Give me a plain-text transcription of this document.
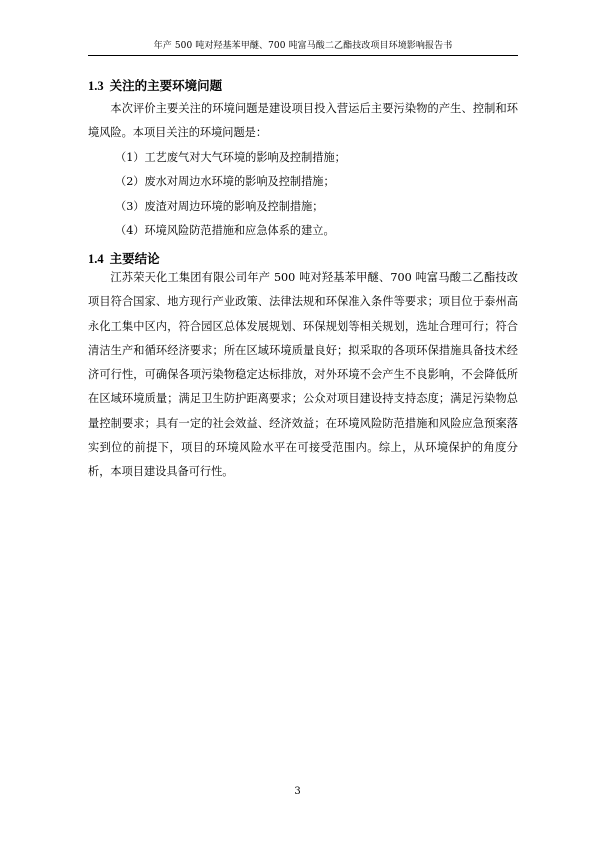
年产 500 吨对羟基苯甲醚、700 吨富马酸二乙酯技改项目环境影响报告书
1.3 关注的主要环境问题

本次评价主要关注的环境问题是建设项目投入营运后主要污染物的产生、控制和环境风险。本项目关注的环境问题是：

（1）工艺废气对大气环境的影响及控制措施；
（2）废水对周边水环境的影响及控制措施；
（3）废渣对周边环境的影响及控制措施；
（4）环境风险防范措施和应急体系的建立。
1.4 主要结论

江苏荣天化工集团有限公司年产 500 吨对羟基苯甲醚、700 吨富马酸二乙酯技改项目符合国家、地方现行产业政策、法律法规和环保准入条件等要求；项目位于泰州高永化工集中区内，符合园区总体发展规划、环保规划等相关规划，选址合理可行；符合清洁生产和循环经济要求；所在区域环境质量良好；拟采取的各项环保措施具备技术经济可行性，可确保各项污染物稳定达标排放，对外环境不会产生不良影响，不会降低所在区域环境质量；满足卫生防护距离要求；公众对项目建设持支持态度；满足污染物总量控制要求；具有一定的社会效益、经济效益；在环境风险防范措施和风险应急预案落实到位的前提下，项目的环境风险水平在可接受范围内。综上，从环境保护的角度分析，本项目建设具备可行性。

3
